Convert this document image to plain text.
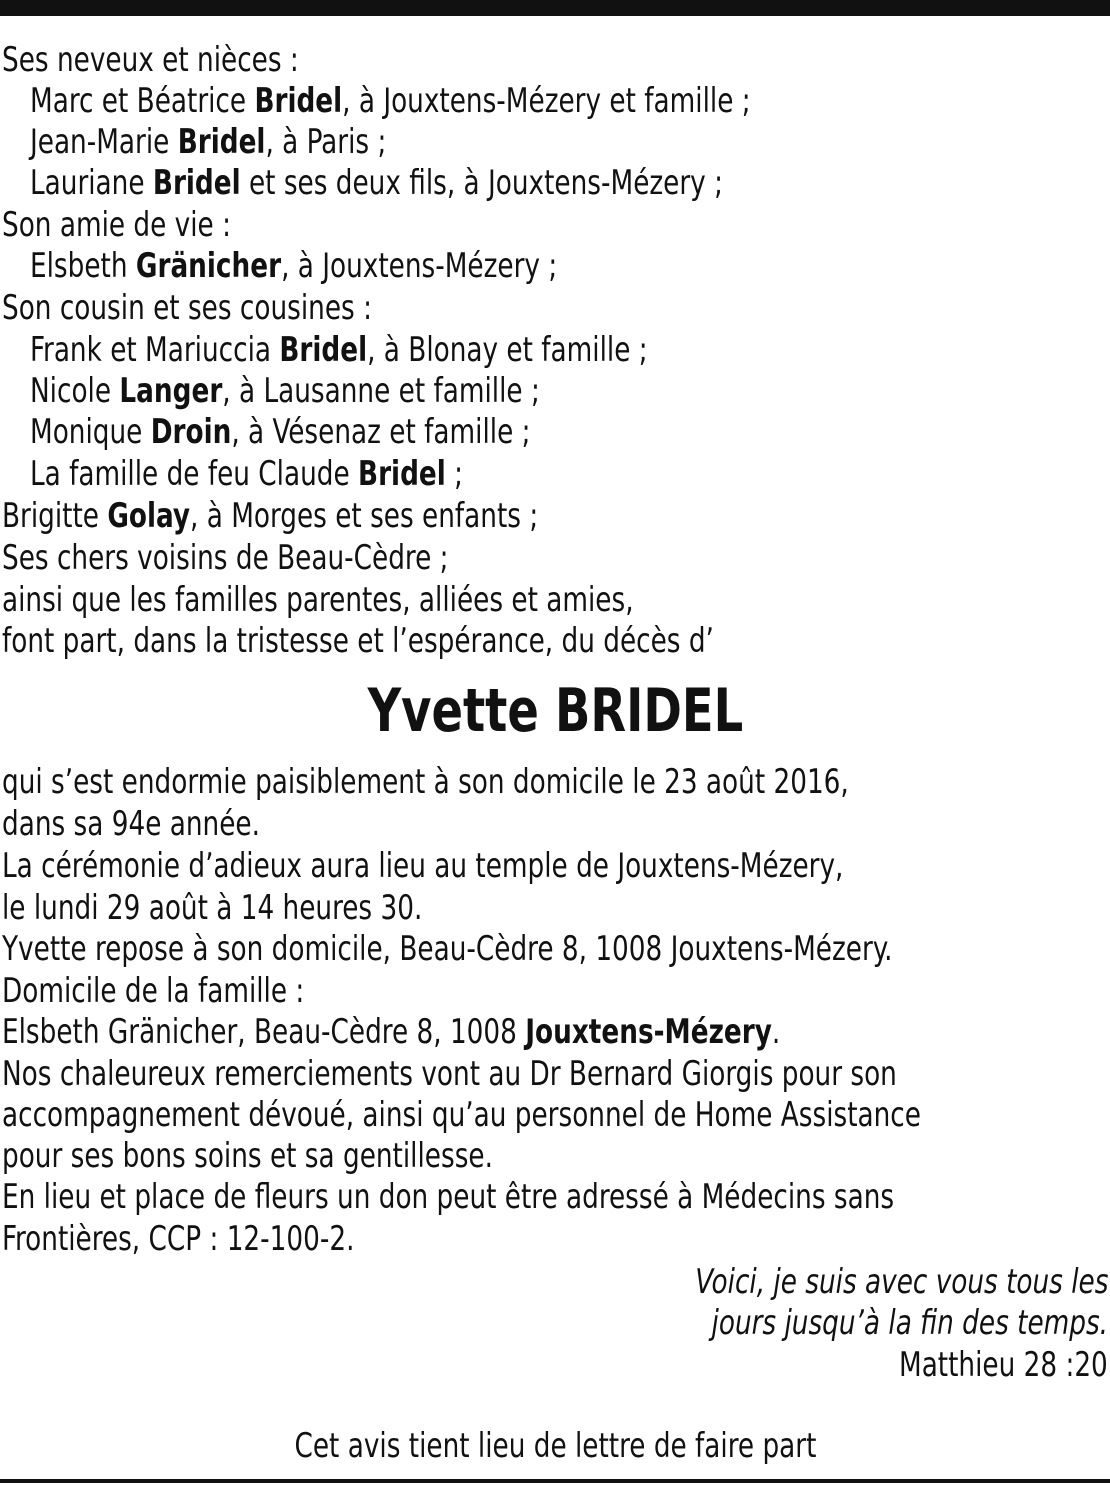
Ses neveux et nièces :
Marc et Béatrice Bridel, à Jouxtens-Mézery et famille ;
Jean-Marie Bridel, à Paris ;
Lauriane Bridel et ses deux fils, à Jouxtens-Mézery ;
Son amie de vie :
Elsbeth Gränicher, à Jouxtens-Mézery ;
Son cousin et ses cousines :
Frank et Mariuccia Bridel, à Blonay et famille ;
Nicole Langer, à Lausanne et famille ;
Monique Droin, à Vésenaz et famille ;
La famille de feu Claude Bridel ;
Brigitte Golay, à Morges et ses enfants ;
Ses chers voisins de Beau-Cèdre ;
ainsi que les familles parentes, alliées et amies,
font part, dans la tristesse et l’espérance, du décès d’
Yvette BRIDEL
qui s’est endormie paisiblement à son domicile le 23 août 2016,
dans sa 94e année.
La cérémonie d’adieux aura lieu au temple de Jouxtens-Mézery,
le lundi 29 août à 14 heures 30.
Yvette repose à son domicile, Beau-Cèdre 8, 1008 Jouxtens-Mézery.
Domicile de la famille :
Elsbeth Gränicher, Beau-Cèdre 8, 1008 Jouxtens-Mézery.
Nos chaleureux remerciements vont au Dr Bernard Giorgis pour son
accompagnement dévoué, ainsi qu’au personnel de Home Assistance
pour ses bons soins et sa gentillesse.
En lieu et place de fleurs un don peut être adressé à Médecins sans
Frontières, CCP : 12-100-2.
Voici, je suis avec vous tous les
jours jusqu’à la fin des temps.
Matthieu 28 :20
Cet avis tient lieu de lettre de faire part
